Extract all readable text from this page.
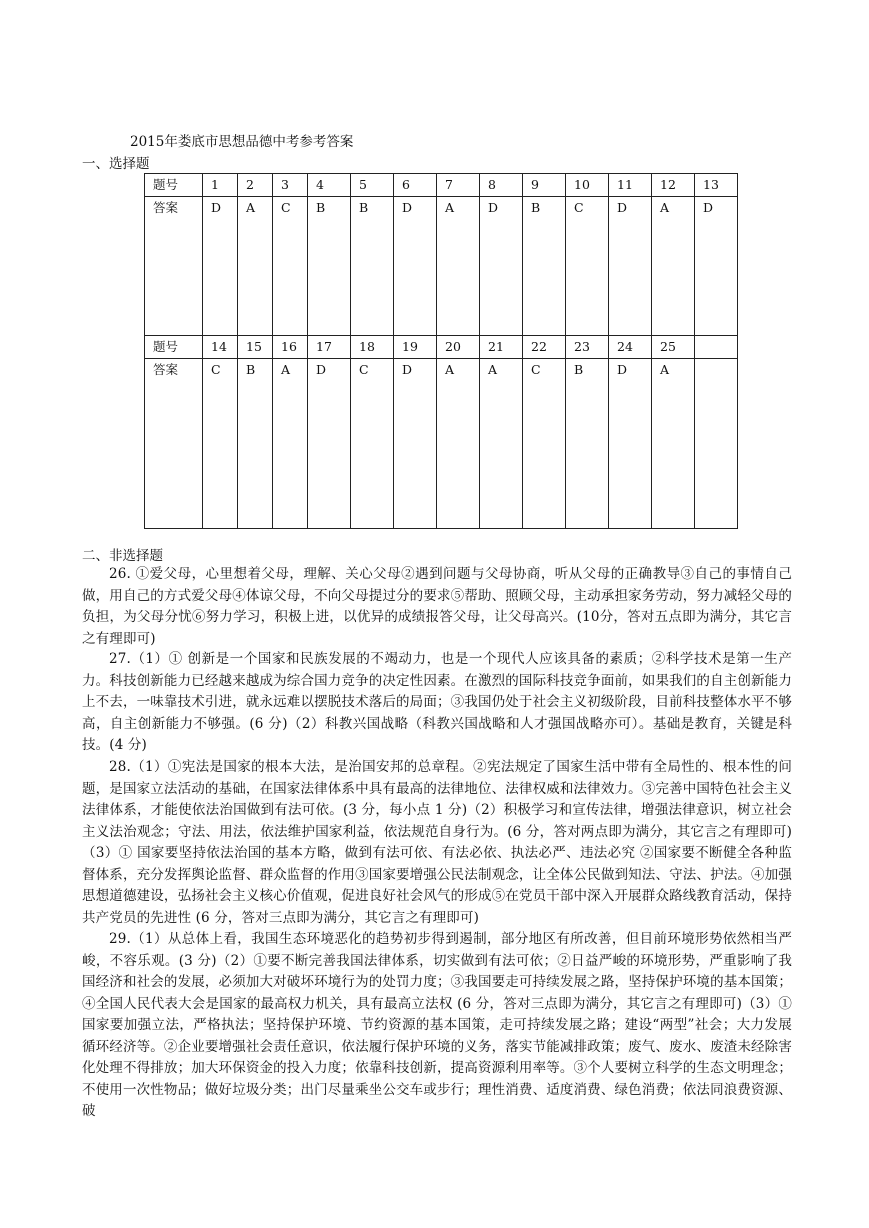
2015年娄底市思想品德中考参考答案
一、选择题
题号	1	2	3	4	5	6	7	8	9	10	11	12	13
答案	D	A	C	B	B	D	A	D	B	C	D	A	D
题号	14	15	16	17	18	19	20	21	22	23	24	25	
答案	C	B	A	D	C	D	A	A	C	B	D	A	
二、非选择题
26. ①爱父母，心里想着父母，理解、关心父母②遇到问题与父母协商，听从父母的正确教导③自己的事情自己做，用自己的方式爱父母④体谅父母，不向父母提过分的要求⑤帮助、照顾父母，主动承担家务劳动，努力减轻父母的负担，为父母分忧⑥努力学习，积极上进，以优异的成绩报答父母，让父母高兴。(10分，答对五点即为满分，其它言之有理即可)
27.（1）① 创新是一个国家和民族发展的不竭动力，也是一个现代人应该具备的素质；②科学技术是第一生产力。科技创新能力已经越来越成为综合国力竞争的决定性因素。在激烈的国际科技竞争面前，如果我们的自主创新能力上不去，一味靠技术引进，就永远难以摆脱技术落后的局面；③我国仍处于社会主义初级阶段，目前科技整体水平不够高，自主创新能力不够强。(6 分)（2）科教兴国战略（科教兴国战略和人才强国战略亦可）。基础是教育，关键是科技。(4 分)
28.（1）①宪法是国家的根本大法，是治国安邦的总章程。②宪法规定了国家生活中带有全局性的、根本性的问题，是国家立法活动的基础，在国家法律体系中具有最高的法律地位、法律权威和法律效力。③完善中国特色社会主义法律体系，才能使依法治国做到有法可依。(3 分，每小点 1 分)（2）积极学习和宣传法律，增强法律意识，树立社会主义法治观念；守法、用法，依法维护国家利益，依法规范自身行为。(6 分，答对两点即为满分，其它言之有理即可)（3）① 国家要坚持依法治国的基本方略，做到有法可依、有法必依、执法必严、违法必究 ②国家要不断健全各种监督体系，充分发挥舆论监督、群众监督的作用③国家要增强公民法制观念，让全体公民做到知法、守法、护法。④加强思想道德建设，弘扬社会主义核心价值观，促进良好社会风气的形成⑤在党员干部中深入开展群众路线教育活动，保持共产党员的先进性 (6 分，答对三点即为满分，其它言之有理即可)
29.（1）从总体上看，我国生态环境恶化的趋势初步得到遏制，部分地区有所改善，但目前环境形势依然相当严峻，不容乐观。(3 分)（2）①要不断完善我国法律体系，切实做到有法可依；②日益严峻的环境形势，严重影响了我国经济和社会的发展，必须加大对破坏环境行为的处罚力度；③我国要走可持续发展之路，坚持保护环境的基本国策；④全国人民代表大会是国家的最高权力机关，具有最高立法权 (6 分，答对三点即为满分，其它言之有理即可)（3）①国家要加强立法，严格执法；坚持保护环境、节约资源的基本国策，走可持续发展之路；建设“两型”社会；大力发展循环经济等。②企业要增强社会责任意识，依法履行保护环境的义务，落实节能减排政策；废气、废水、废渣未经除害化处理不得排放；加大环保资金的投入力度；依靠科技创新，提高资源利用率等。③个人要树立科学的生态文明理念；不使用一次性物品；做好垃圾分类；出门尽量乘坐公交车或步行；理性消费、适度消费、绿色消费；依法同浪费资源、破
